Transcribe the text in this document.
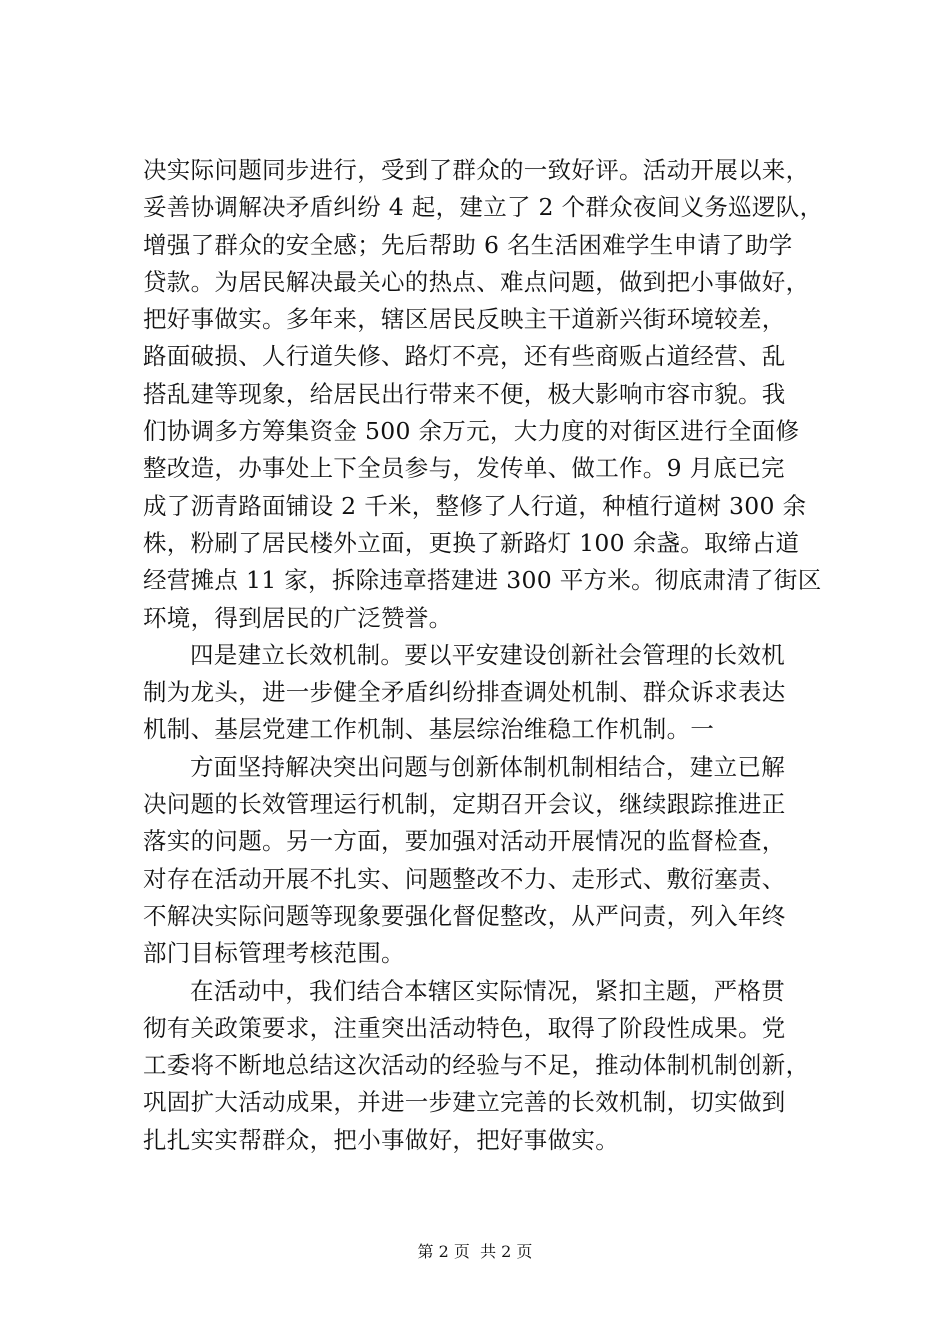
决实际问题同步进行，受到了群众的一致好评。活动开展以来，
妥善协调解决矛盾纠纷 4 起，建立了 2 个群众夜间义务巡逻队，
增强了群众的安全感；先后帮助 6 名生活困难学生申请了助学
贷款。为居民解决最关心的热点、难点问题，做到把小事做好，
把好事做实。多年来，辖区居民反映主干道新兴街环境较差，
路面破损、人行道失修、路灯不亮，还有些商贩占道经营、乱
搭乱建等现象，给居民出行带来不便，极大影响市容市貌。我
们协调多方筹集资金 500 余万元，大力度的对街区进行全面修
整改造，办事处上下全员参与，发传单、做工作。9 月底已完
成了沥青路面铺设 2 千米，整修了人行道，种植行道树 300 余
株，粉刷了居民楼外立面，更换了新路灯 100 余盏。取缔占道
经营摊点 11 家，拆除违章搭建进 300 平方米。彻底肃清了街区
环境，得到居民的广泛赞誉。
四是建立长效机制。要以平安建设创新社会管理的长效机
制为龙头，进一步健全矛盾纠纷排查调处机制、群众诉求表达
机制、基层党建工作机制、基层综治维稳工作机制。一
方面坚持解决突出问题与创新体制机制相结合，建立已解
决问题的长效管理运行机制，定期召开会议，继续跟踪推进正
落实的问题。另一方面，要加强对活动开展情况的监督检查，
对存在活动开展不扎实、问题整改不力、走形式、敷衍塞责、
不解决实际问题等现象要强化督促整改，从严问责，列入年终
部门目标管理考核范围。
在活动中，我们结合本辖区实际情况，紧扣主题，严格贯
彻有关政策要求，注重突出活动特色，取得了阶段性成果。党
工委将不断地总结这次活动的经验与不足，推动体制机制创新，
巩固扩大活动成果，并进一步建立完善的长效机制，切实做到
扎扎实实帮群众，把小事做好，把好事做实。
第 2 页 共 2 页
